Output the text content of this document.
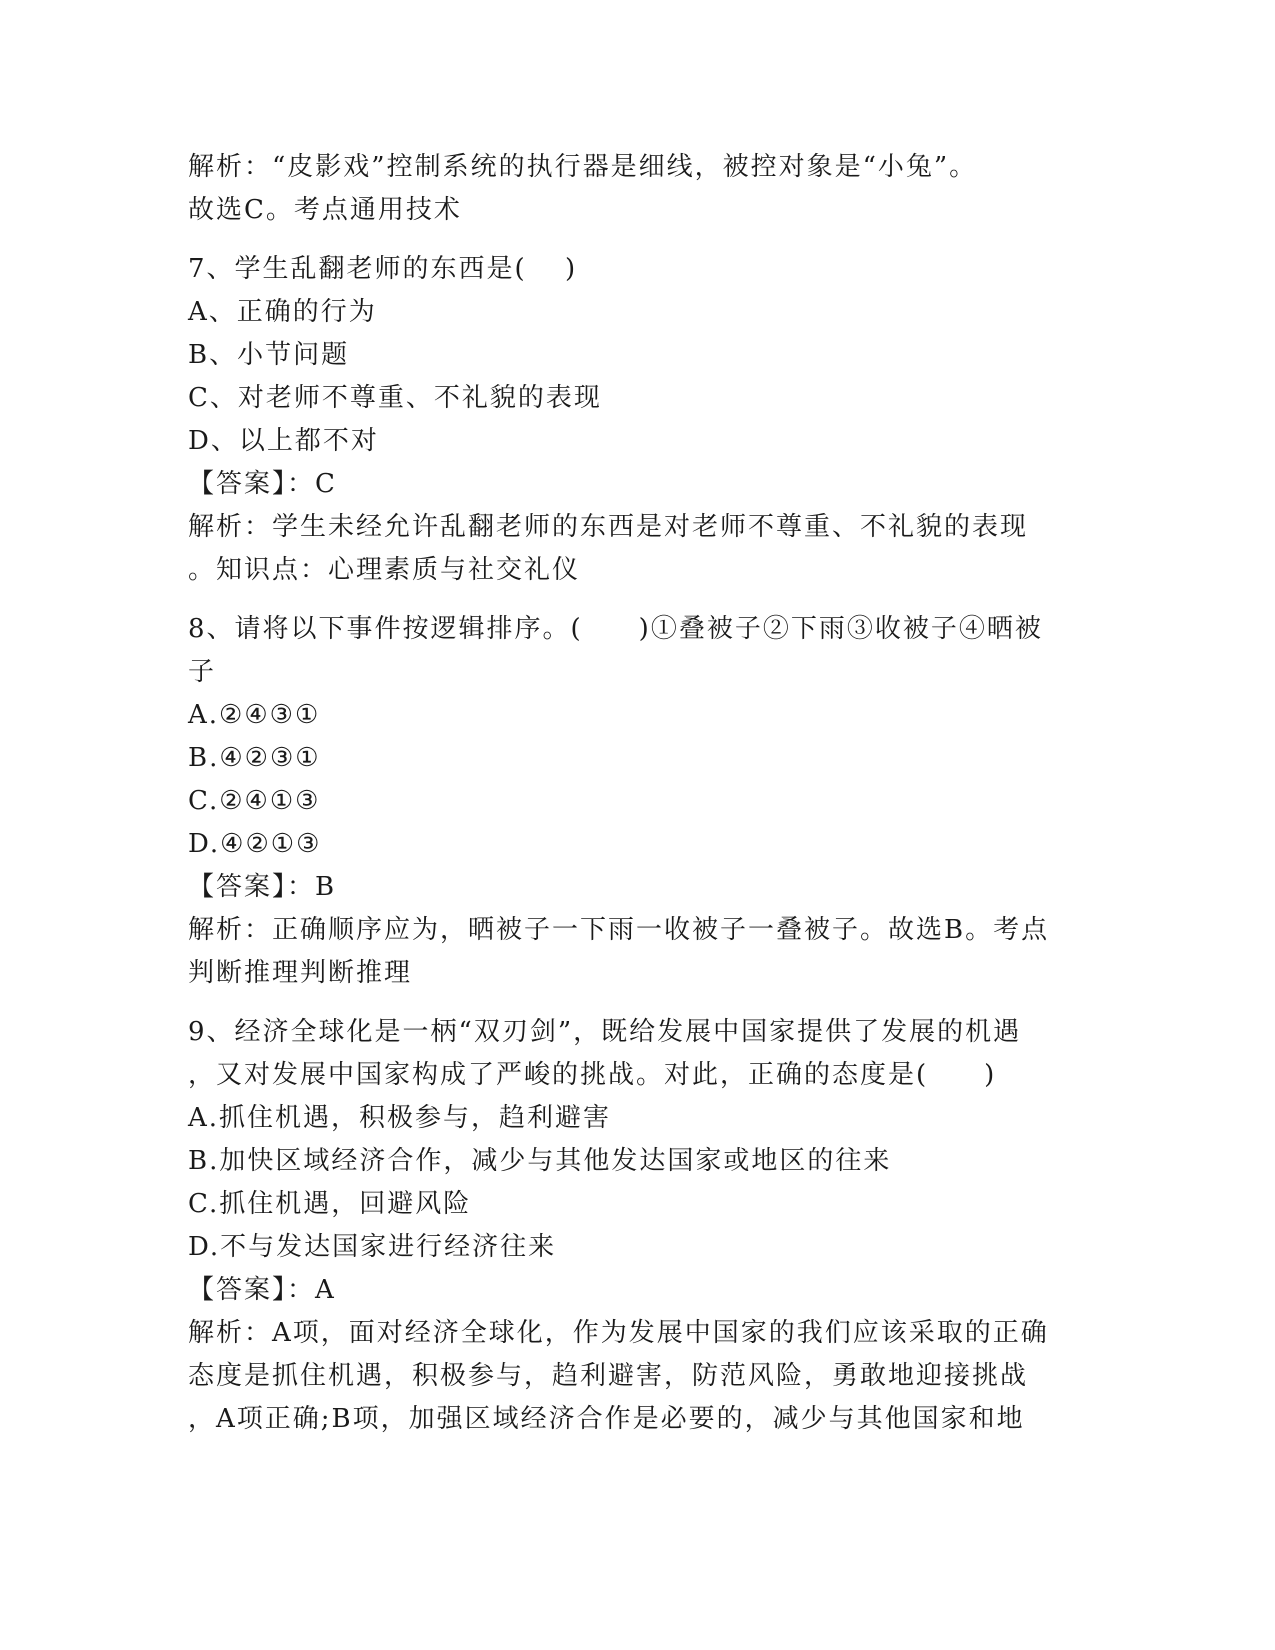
解析：“皮影戏”控制系统的执行器是细线，被控对象是“小兔”。

故选C。考点通用技术

7、学生乱翻老师的东西是(　 )

A、正确的行为

B、小节问题

C、对老师不尊重、不礼貌的表现

D、以上都不对

【答案】：C

解析：学生未经允许乱翻老师的东西是对老师不尊重、不礼貌的表现

。知识点：心理素质与社交礼仪

8、请将以下事件按逻辑排序。(　　)①叠被子②下雨③收被子④晒被

子

A.②④③①

B.④②③①

C.②④①③

D.④②①③

【答案】：B

解析：正确顺序应为，晒被子一下雨一收被子一叠被子。故选B。考点

判断推理判断推理

9、经济全球化是一柄“双刃剑”，既给发展中国家提供了发展的机遇

，又对发展中国家构成了严峻的挑战。对此，正确的态度是(　　)

A.抓住机遇，积极参与，趋利避害

B.加快区域经济合作，减少与其他发达国家或地区的往来

C.抓住机遇，回避风险

D.不与发达国家进行经济往来

【答案】：A

解析：A项，面对经济全球化，作为发展中国家的我们应该采取的正确

态度是抓住机遇，积极参与，趋利避害，防范风险，勇敢地迎接挑战

，A项正确;B项，加强区域经济合作是必要的，减少与其他国家和地
